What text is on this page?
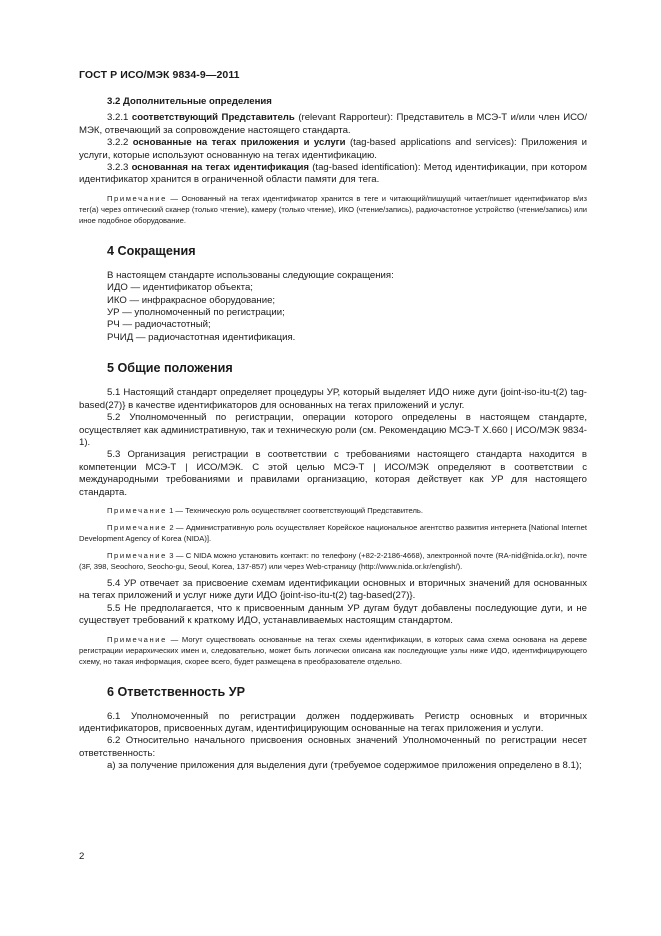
ГОСТ Р ИСО/МЭК 9834-9—2011

3.2 Дополнительные определения

3.2.1 соответствующий Представитель (relevant Rapporteur): Представитель в МСЭ-Т и/или член ИСО/МЭК, отвечающий за сопровождение настоящего стандарта.

3.2.2 основанные на тегах приложения и услуги (tag-based applications and services): Приложения и услуги, которые используют основанную на тегах идентификацию.

3.2.3 основанная на тегах идентификация (tag-based identification): Метод идентификации, при котором идентификатор хранится в ограниченной области памяти для тега.

Примечание — Основанный на тегах идентификатор хранится в теге и читающий/пишущий читает/пишет идентификатор в/из тег(а) через оптический сканер (только чтение), камеру (только чтение), ИКО (чтение/запись), радиочастотное устройство (чтение/запись) или иное подобное оборудование.

4 Сокращения

В настоящем стандарте использованы следующие сокращения:

ИДО — идентификатор объекта;

ИКО — инфракрасное оборудование;

УР — уполномоченный по регистрации;

РЧ — радиочастотный;

РЧИД — радиочастотная идентификация.

5 Общие положения

5.1 Настоящий стандарт определяет процедуры УР, который выделяет ИДО ниже дуги {joint-iso-itu-t(2) tag-based(27)} в качестве идентификаторов для основанных на тегах приложений и услуг.

5.2 Уполномоченный по регистрации, операции которого определены в настоящем стандарте, осуществляет как административную, так и техническую роли (см. Рекомендацию МСЭ-Т X.660 | ИСО/МЭК 9834-1).

5.3 Организация регистрации в соответствии с требованиями настоящего стандарта находится в компетенции МСЭ-Т | ИСО/МЭК. С этой целью МСЭ-Т | ИСО/МЭК определяют в соответствии с международными требованиями и правилами организацию, которая действует как УР для настоящего стандарта.

Примечание 1 — Техническую роль осуществляет соответствующий Представитель.

Примечание 2 — Административную роль осуществляет Корейское национальное агентство развития интернета [National Internet Development Agency of Korea (NIDA)].

Примечание 3 — С NIDA можно установить контакт: по телефону (+82-2-2186-4668), электронной почте (RA-nid@nida.or.kr), почте (3F, 398, Seochoro, Seocho-gu, Seoul, Korea, 137-857) или через Web-страницу (http://www.nida.or.kr/english/).

5.4 УР отвечает за присвоение схемам идентификации основных и вторичных значений для основанных на тегах приложений и услуг ниже дуги ИДО {joint-iso-itu-t(2) tag-based(27)}.

5.5 Не предполагается, что к присвоенным данным УР дугам будут добавлены последующие дуги, и не существует требований к краткому ИДО, устанавливаемых настоящим стандартом.

Примечание — Могут существовать основанные на тегах схемы идентификации, в которых сама схема основана на дереве регистрации иерархических имен и, следовательно, может быть логически описана как последующие узлы ниже ИДО, идентифицирующего схему, но такая информация, скорее всего, будет размещена в преобразователе отдельно.

6 Ответственность УР

6.1 Уполномоченный по регистрации должен поддерживать Регистр основных и вторичных идентификаторов, присвоенных дугам, идентифицирующим основанные на тегах приложения и услуги.

6.2 Относительно начального присвоения основных значений Уполномоченный по регистрации несет ответственность:

а) за получение приложения для выделения дуги (требуемое содержимое приложения определено в 8.1);

2
